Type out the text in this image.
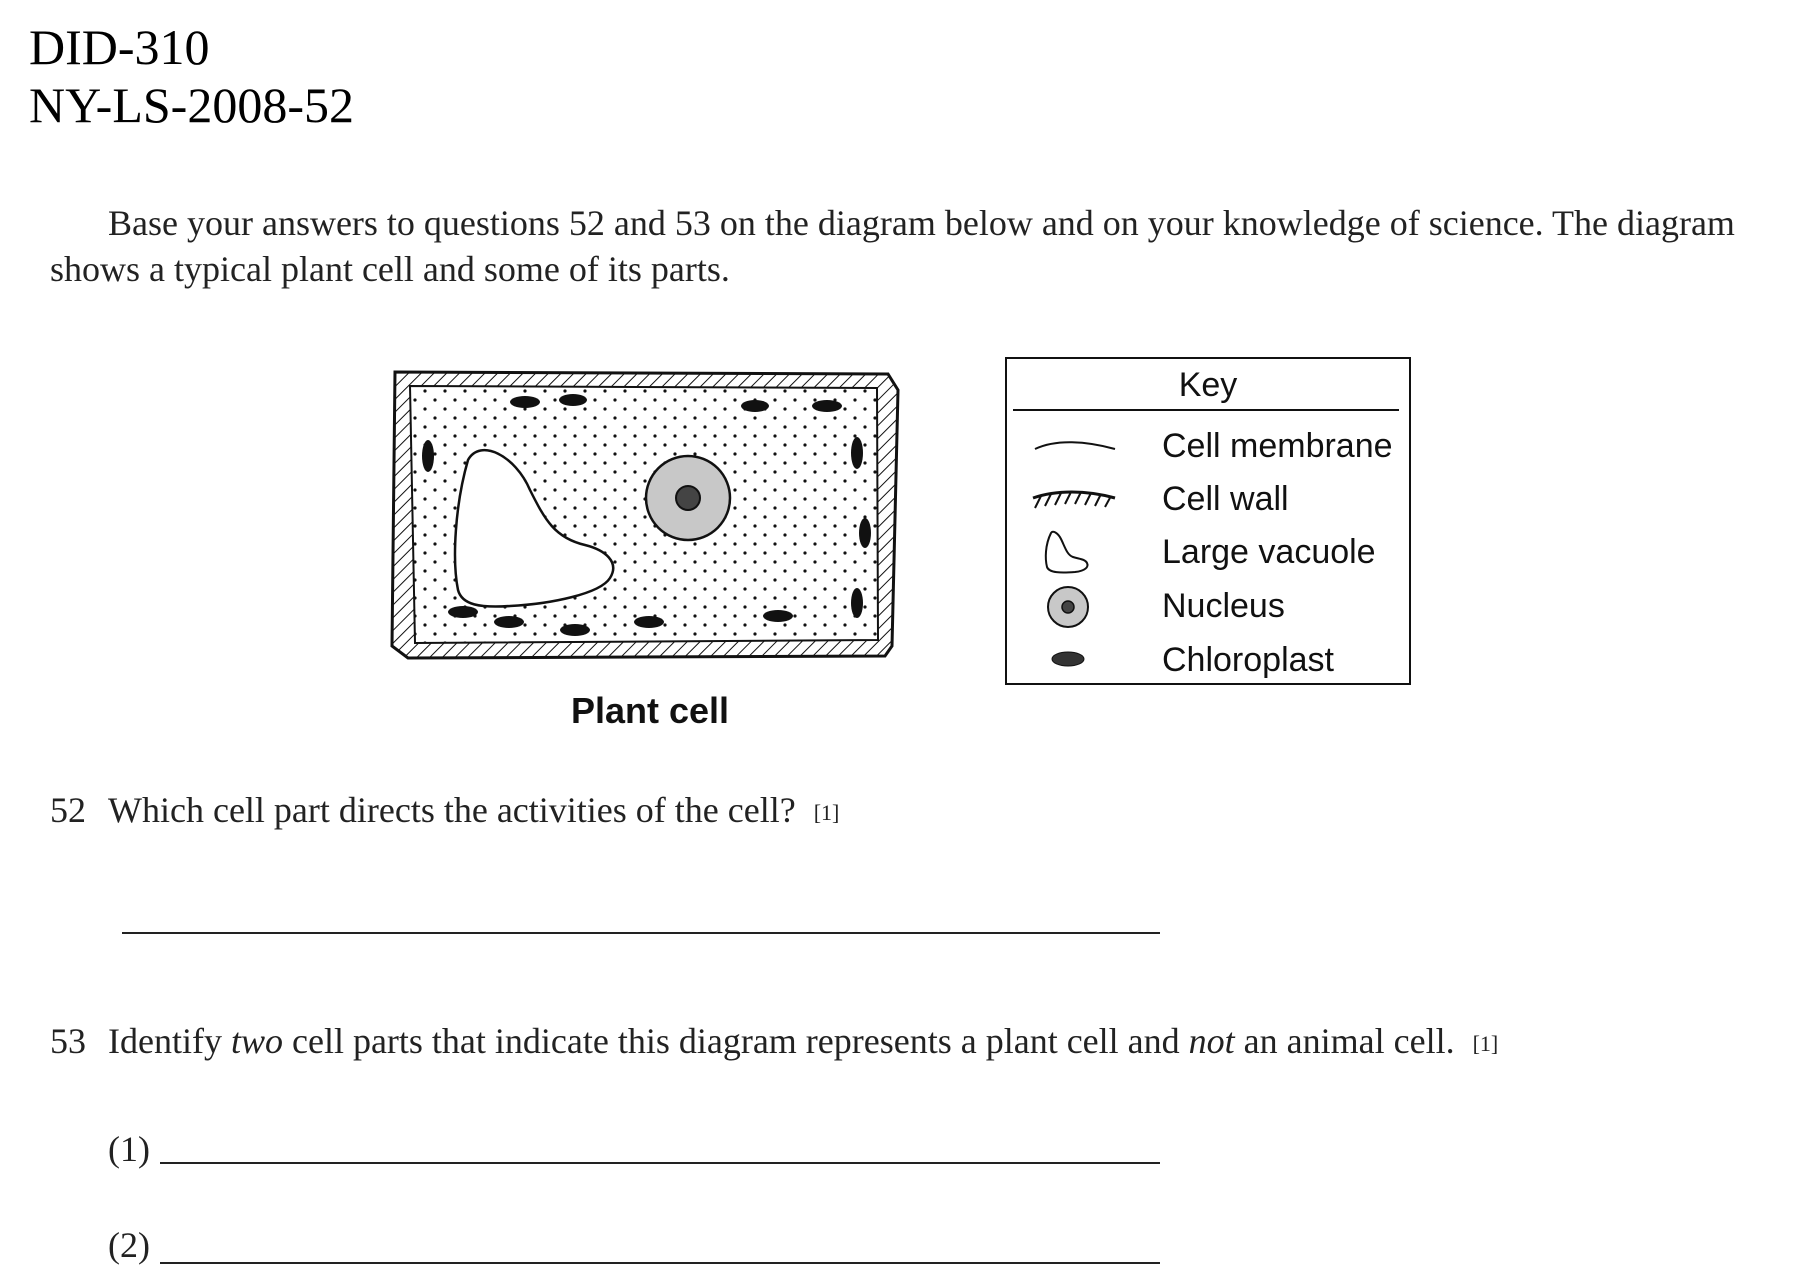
DID-310
NY-LS-2008-52
Base your answers to questions 52 and 53 on the diagram below and on your knowledge of science. The diagram shows a typical plant cell and some of its parts.
Plant cell
Key
Cell membrane
Cell wall
Large vacuole
Nucleus
Chloroplast
52 Which cell part directs the activities of the cell? [1]
53 Identify two cell parts that indicate this diagram represents a plant cell and not an animal cell. [1]
(1)
(2)
